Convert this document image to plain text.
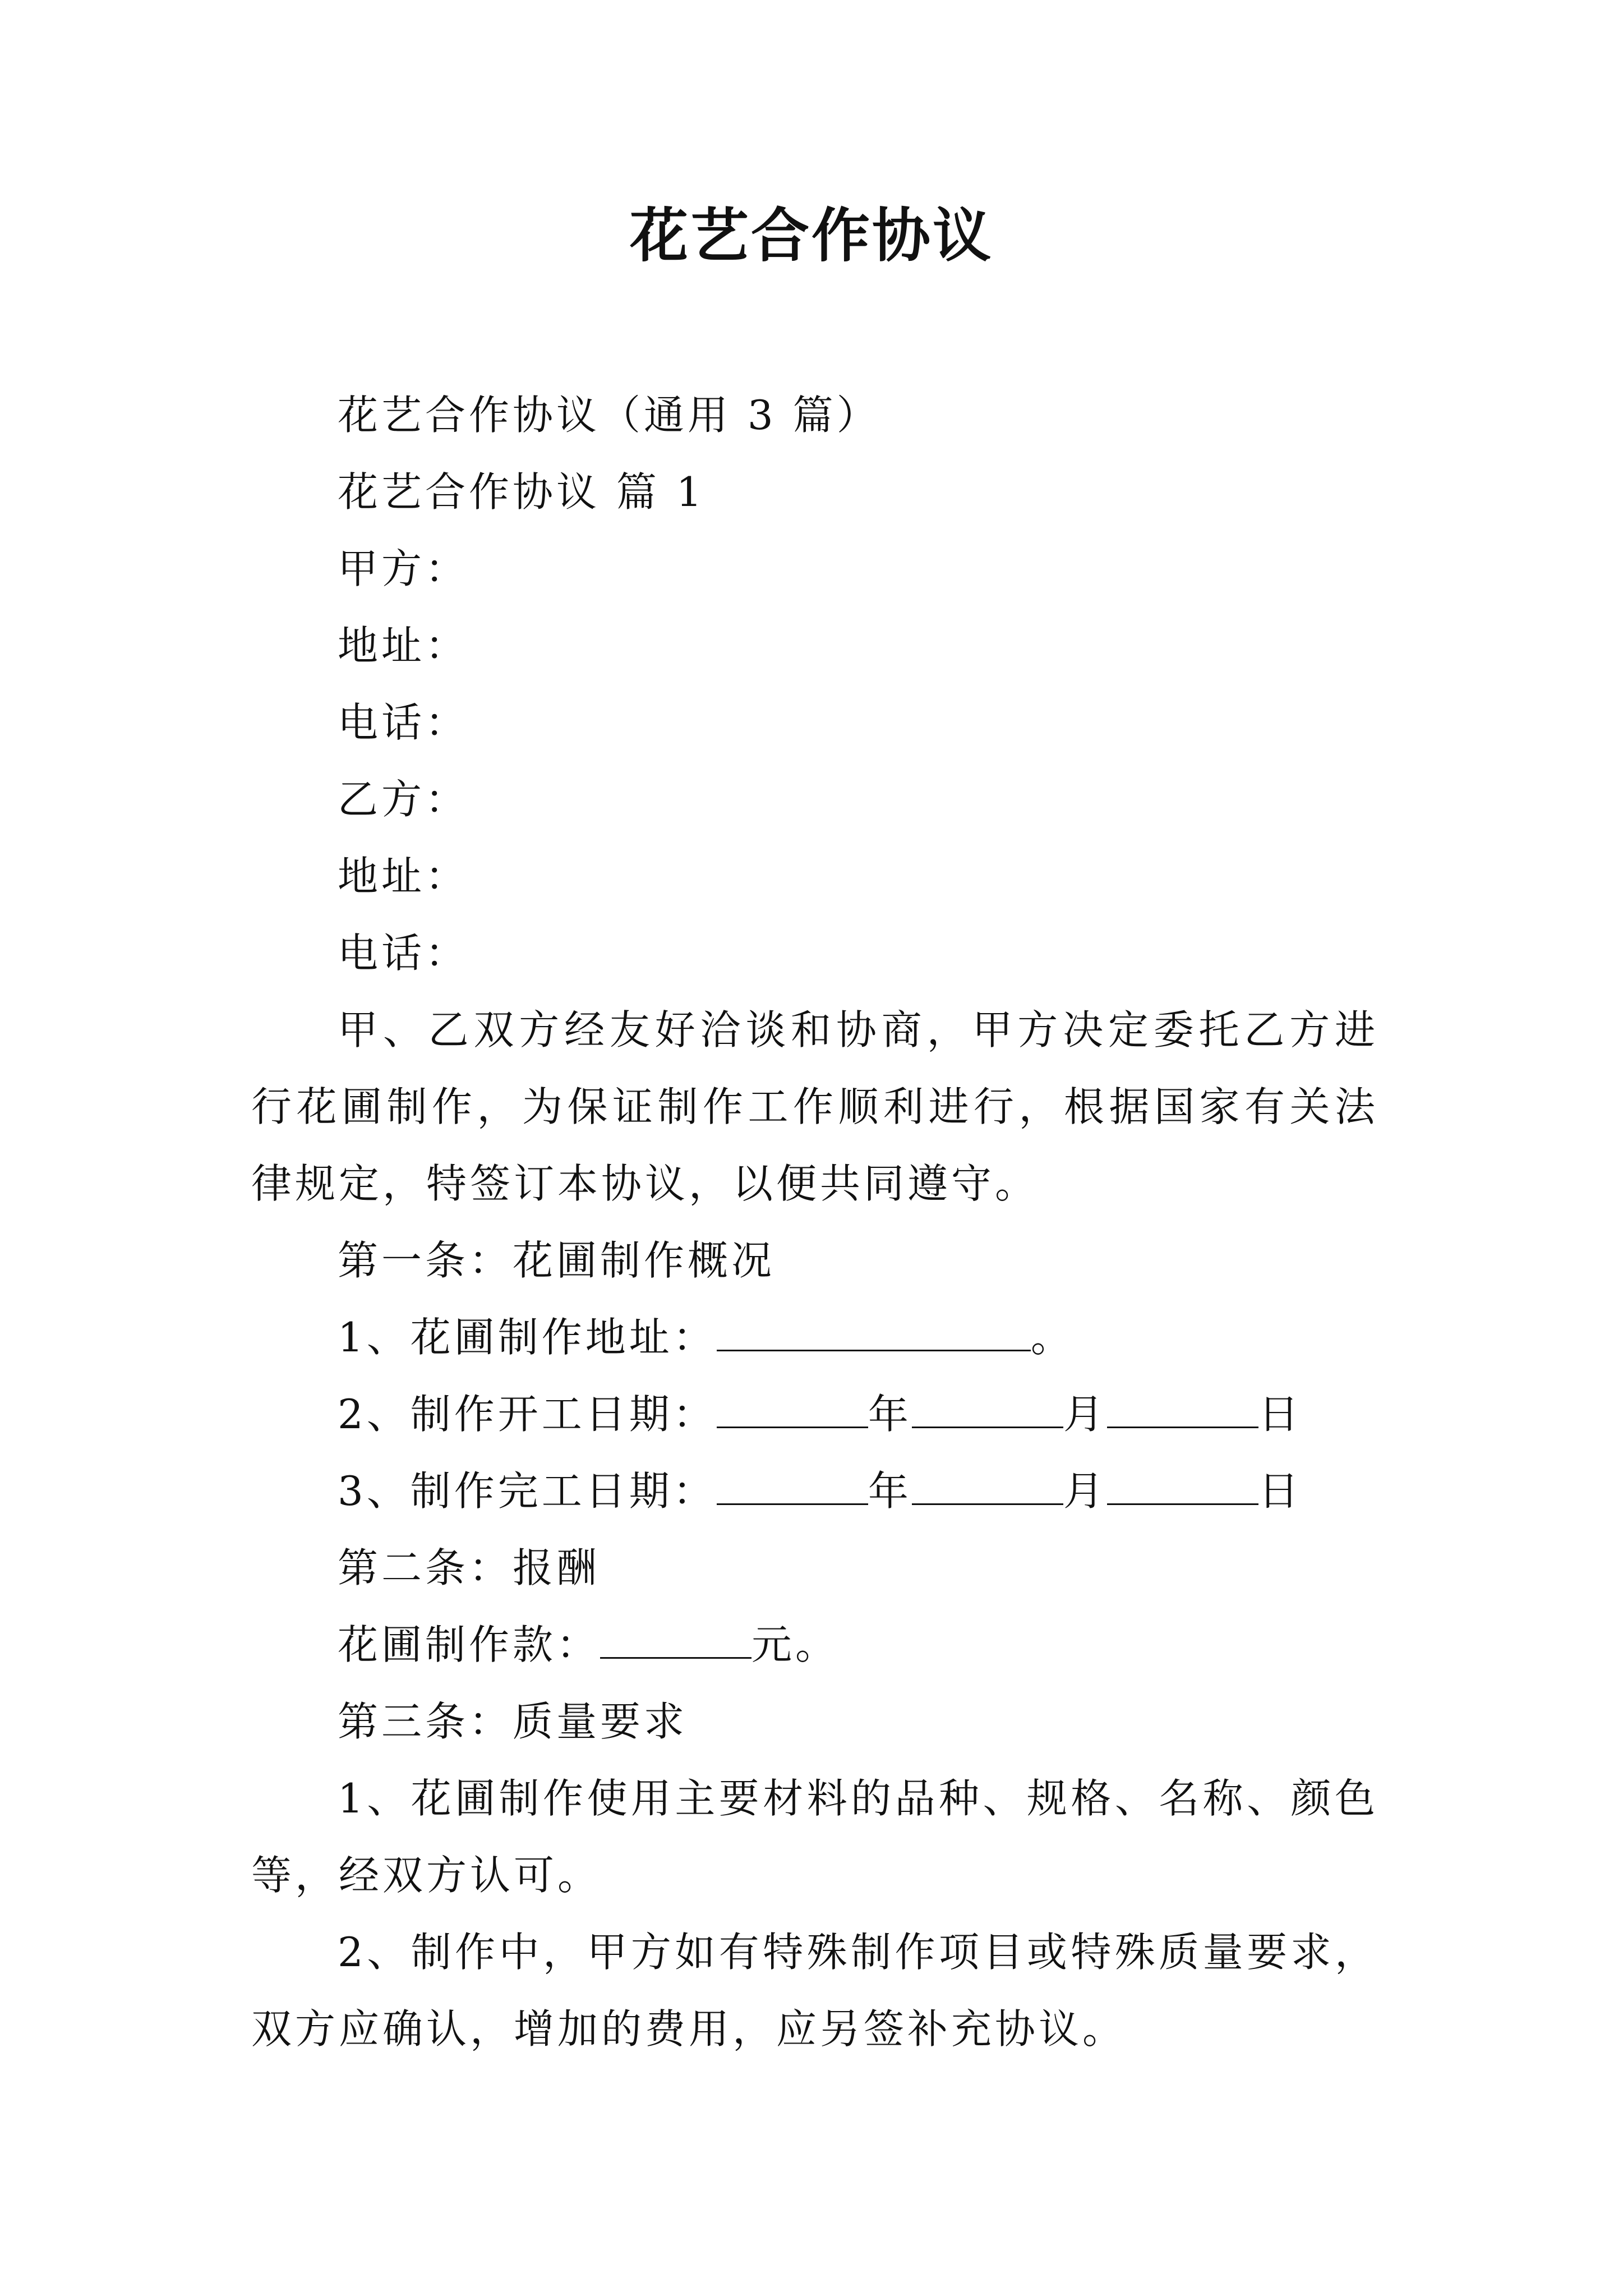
花艺合作协议

花艺合作协议（通用 3 篇）

花艺合作协议 篇 1

甲方：

地址：

电话：

乙方：

地址：

电话：

甲、乙双方经友好洽谈和协商，甲方决定委托乙方进行花圃制作，为保证制作工作顺利进行，根据国家有关法律规定，特签订本协议，以便共同遵守。

第一条：花圃制作概况

1、花圃制作地址：	。

2、制作开工日期：	年	月	日

3、制作完工日期：	年	月	日

第二条：报酬

花圃制作款：	元。

第三条：质量要求

1、花圃制作使用主要材料的品种、规格、名称、颜色等，经双方认可。

2、制作中，甲方如有特殊制作项目或特殊质量要求，双方应确认，增加的费用，应另签补充协议。
